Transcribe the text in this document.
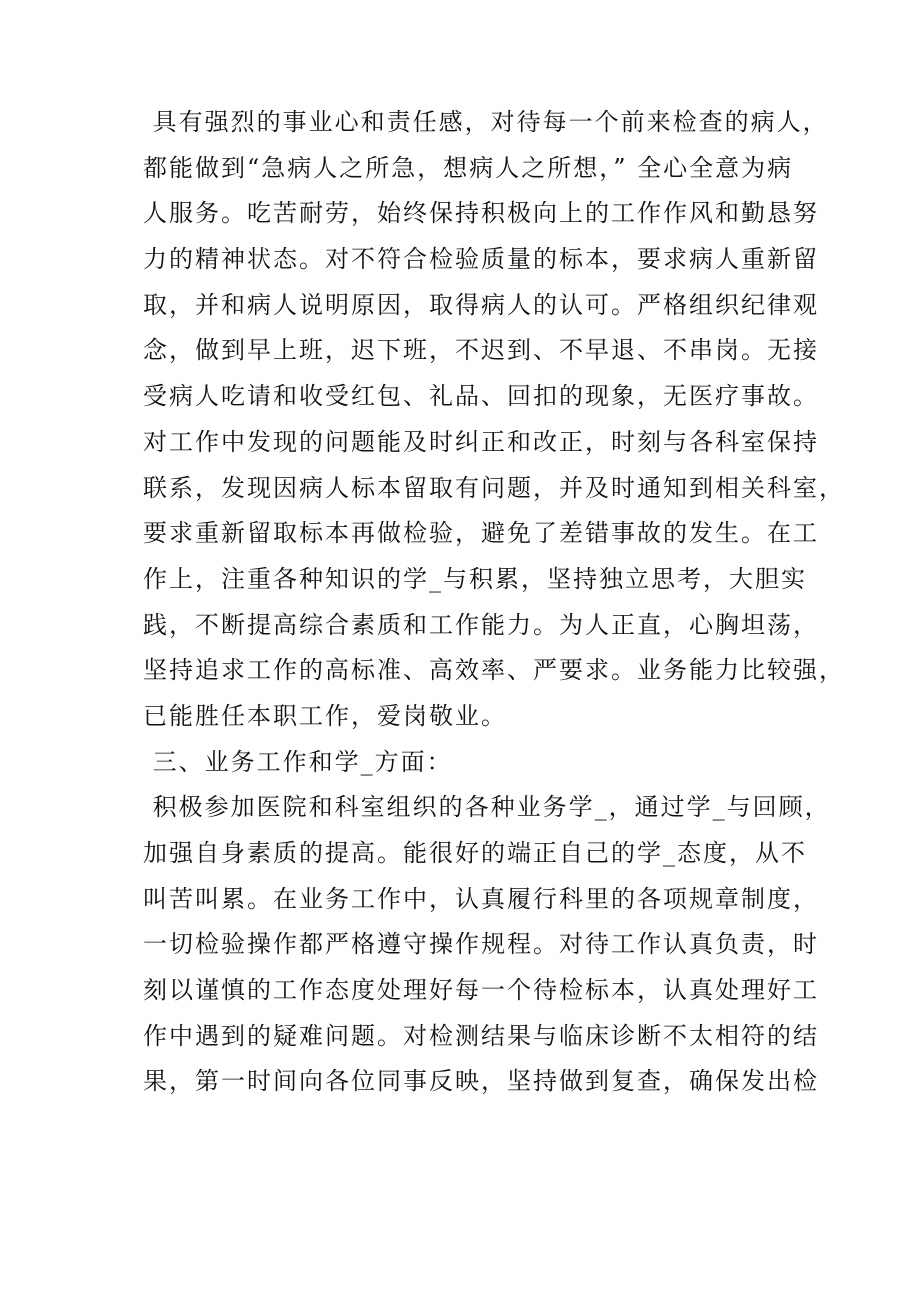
具有强烈的事业心和责任感，对待每一个前来检查的病人，
都能做到“急病人之所急，想病人之所想，” 全心全意为病
人服务。吃苦耐劳，始终保持积极向上的工作作风和勤恳努
力的精神状态。对不符合检验质量的标本，要求病人重新留
取，并和病人说明原因，取得病人的认可。严格组织纪律观
念，做到早上班，迟下班，不迟到、不早退、不串岗。无接
受病人吃请和收受红包、礼品、回扣的现象，无医疗事故。
对工作中发现的问题能及时纠正和改正，时刻与各科室保持
联系，发现因病人标本留取有问题，并及时通知到相关科室，
要求重新留取标本再做检验，避免了差错事故的发生。在工
作上，注重各种知识的学_与积累，坚持独立思考，大胆实
践，不断提高综合素质和工作能力。为人正直，心胸坦荡，
坚持追求工作的高标准、高效率、严要求。业务能力比较强，
已能胜任本职工作，爱岗敬业。
三、业务工作和学_方面：
积极参加医院和科室组织的各种业务学_，通过学_与回顾，
加强自身素质的提高。能很好的端正自己的学_态度，从不
叫苦叫累。在业务工作中，认真履行科里的各项规章制度，
一切检验操作都严格遵守操作规程。对待工作认真负责，时
刻以谨慎的工作态度处理好每一个待检标本，认真处理好工
作中遇到的疑难问题。对检测结果与临床诊断不太相符的结
果，第一时间向各位同事反映，坚持做到复查，确保发出检
